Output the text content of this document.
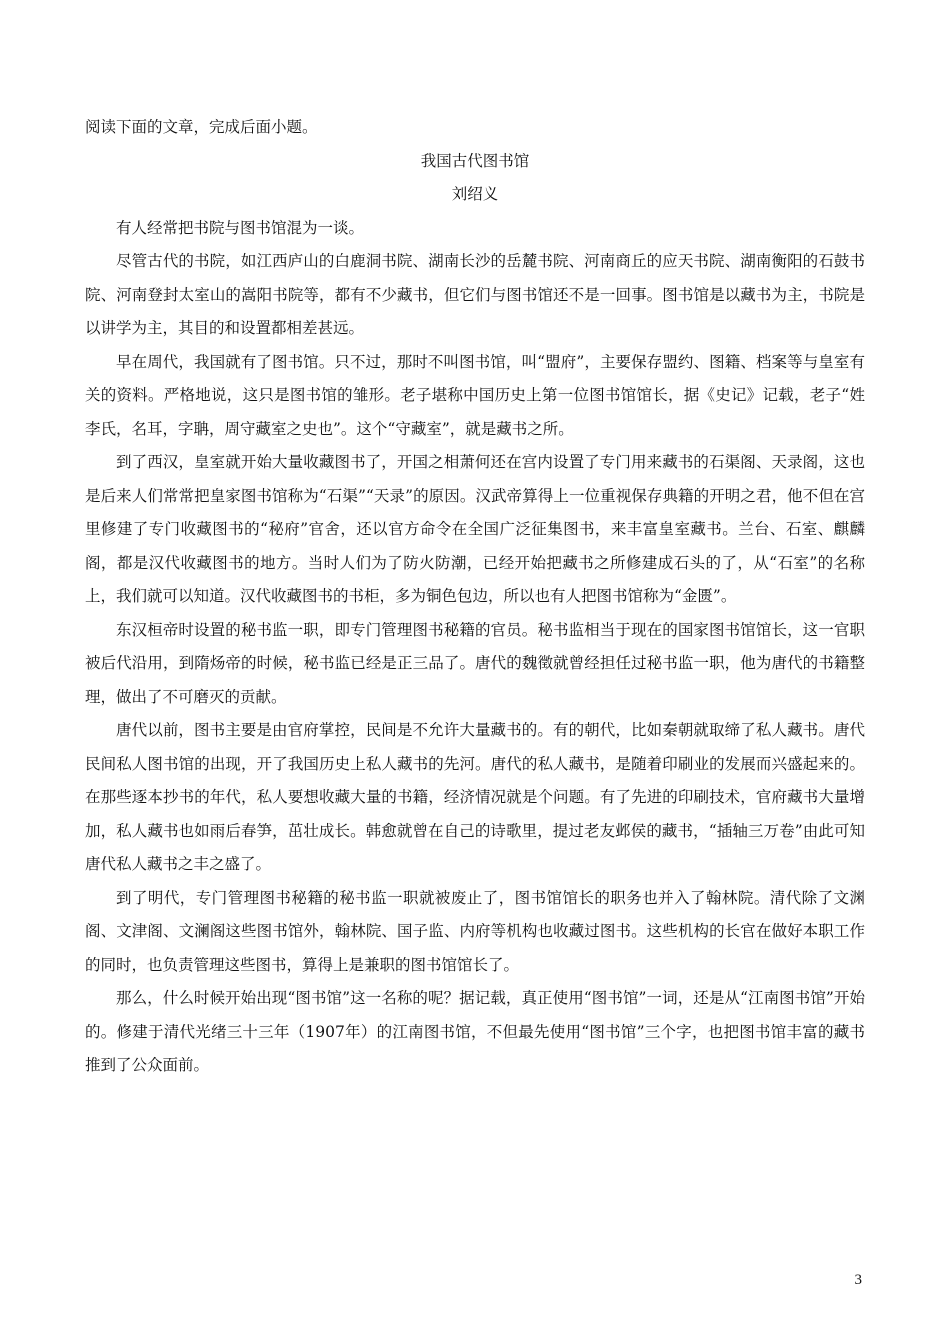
阅读下面的文章，完成后面小题。

我国古代图书馆

刘绍义

有人经常把书院与图书馆混为一谈。

尽管古代的书院，如江西庐山的白鹿洞书院、湖南长沙的岳麓书院、河南商丘的应天书院、湖南衡阳的石鼓书院、河南登封太室山的嵩阳书院等，都有不少藏书，但它们与图书馆还不是一回事。图书馆是以藏书为主，书院是以讲学为主，其目的和设置都相差甚远。

早在周代，我国就有了图书馆。只不过，那时不叫图书馆，叫“盟府”，主要保存盟约、图籍、档案等与皇室有关的资料。严格地说，这只是图书馆的雏形。老子堪称中国历史上第一位图书馆馆长，据《史记》记载，老子“姓李氏，名耳，字聃，周守藏室之史也”。这个“守藏室”，就是藏书之所。

到了西汉，皇室就开始大量收藏图书了，开国之相萧何还在宫内设置了专门用来藏书的石渠阁、天录阁，这也是后来人们常常把皇家图书馆称为“石渠”“天录”的原因。汉武帝算得上一位重视保存典籍的开明之君，他不但在宫里修建了专门收藏图书的“秘府”官舍，还以官方命令在全国广泛征集图书，来丰富皇室藏书。兰台、石室、麒麟阁，都是汉代收藏图书的地方。当时人们为了防火防潮，已经开始把藏书之所修建成石头的了，从“石室”的名称上，我们就可以知道。汉代收藏图书的书柜，多为铜色包边，所以也有人把图书馆称为“金匮”。

东汉桓帝时设置的秘书监一职，即专门管理图书秘籍的官员。秘书监相当于现在的国家图书馆馆长，这一官职被后代沿用，到隋炀帝的时候，秘书监已经是正三品了。唐代的魏徵就曾经担任过秘书监一职，他为唐代的书籍整理，做出了不可磨灭的贡献。

唐代以前，图书主要是由官府掌控，民间是不允许大量藏书的。有的朝代，比如秦朝就取缔了私人藏书。唐代民间私人图书馆的出现，开了我国历史上私人藏书的先河。唐代的私人藏书，是随着印刷业的发展而兴盛起来的。在那些逐本抄书的年代，私人要想收藏大量的书籍，经济情况就是个问题。有了先进的印刷技术，官府藏书大量增加，私人藏书也如雨后春笋，茁壮成长。韩愈就曾在自己的诗歌里，提过老友邺侯的藏书，“插轴三万卷”由此可知唐代私人藏书之丰之盛了。

到了明代，专门管理图书秘籍的秘书监一职就被废止了，图书馆馆长的职务也并入了翰林院。清代除了文渊阁、文津阁、文澜阁这些图书馆外，翰林院、国子监、内府等机构也收藏过图书。这些机构的长官在做好本职工作的同时，也负责管理这些图书，算得上是兼职的图书馆馆长了。

那么，什么时候开始出现“图书馆”这一名称的呢？据记载，真正使用“图书馆”一词，还是从“江南图书馆”开始的。修建于清代光绪三十三年（1907年）的江南图书馆，不但最先使用“图书馆”三个字，也把图书馆丰富的藏书推到了公众面前。

3
